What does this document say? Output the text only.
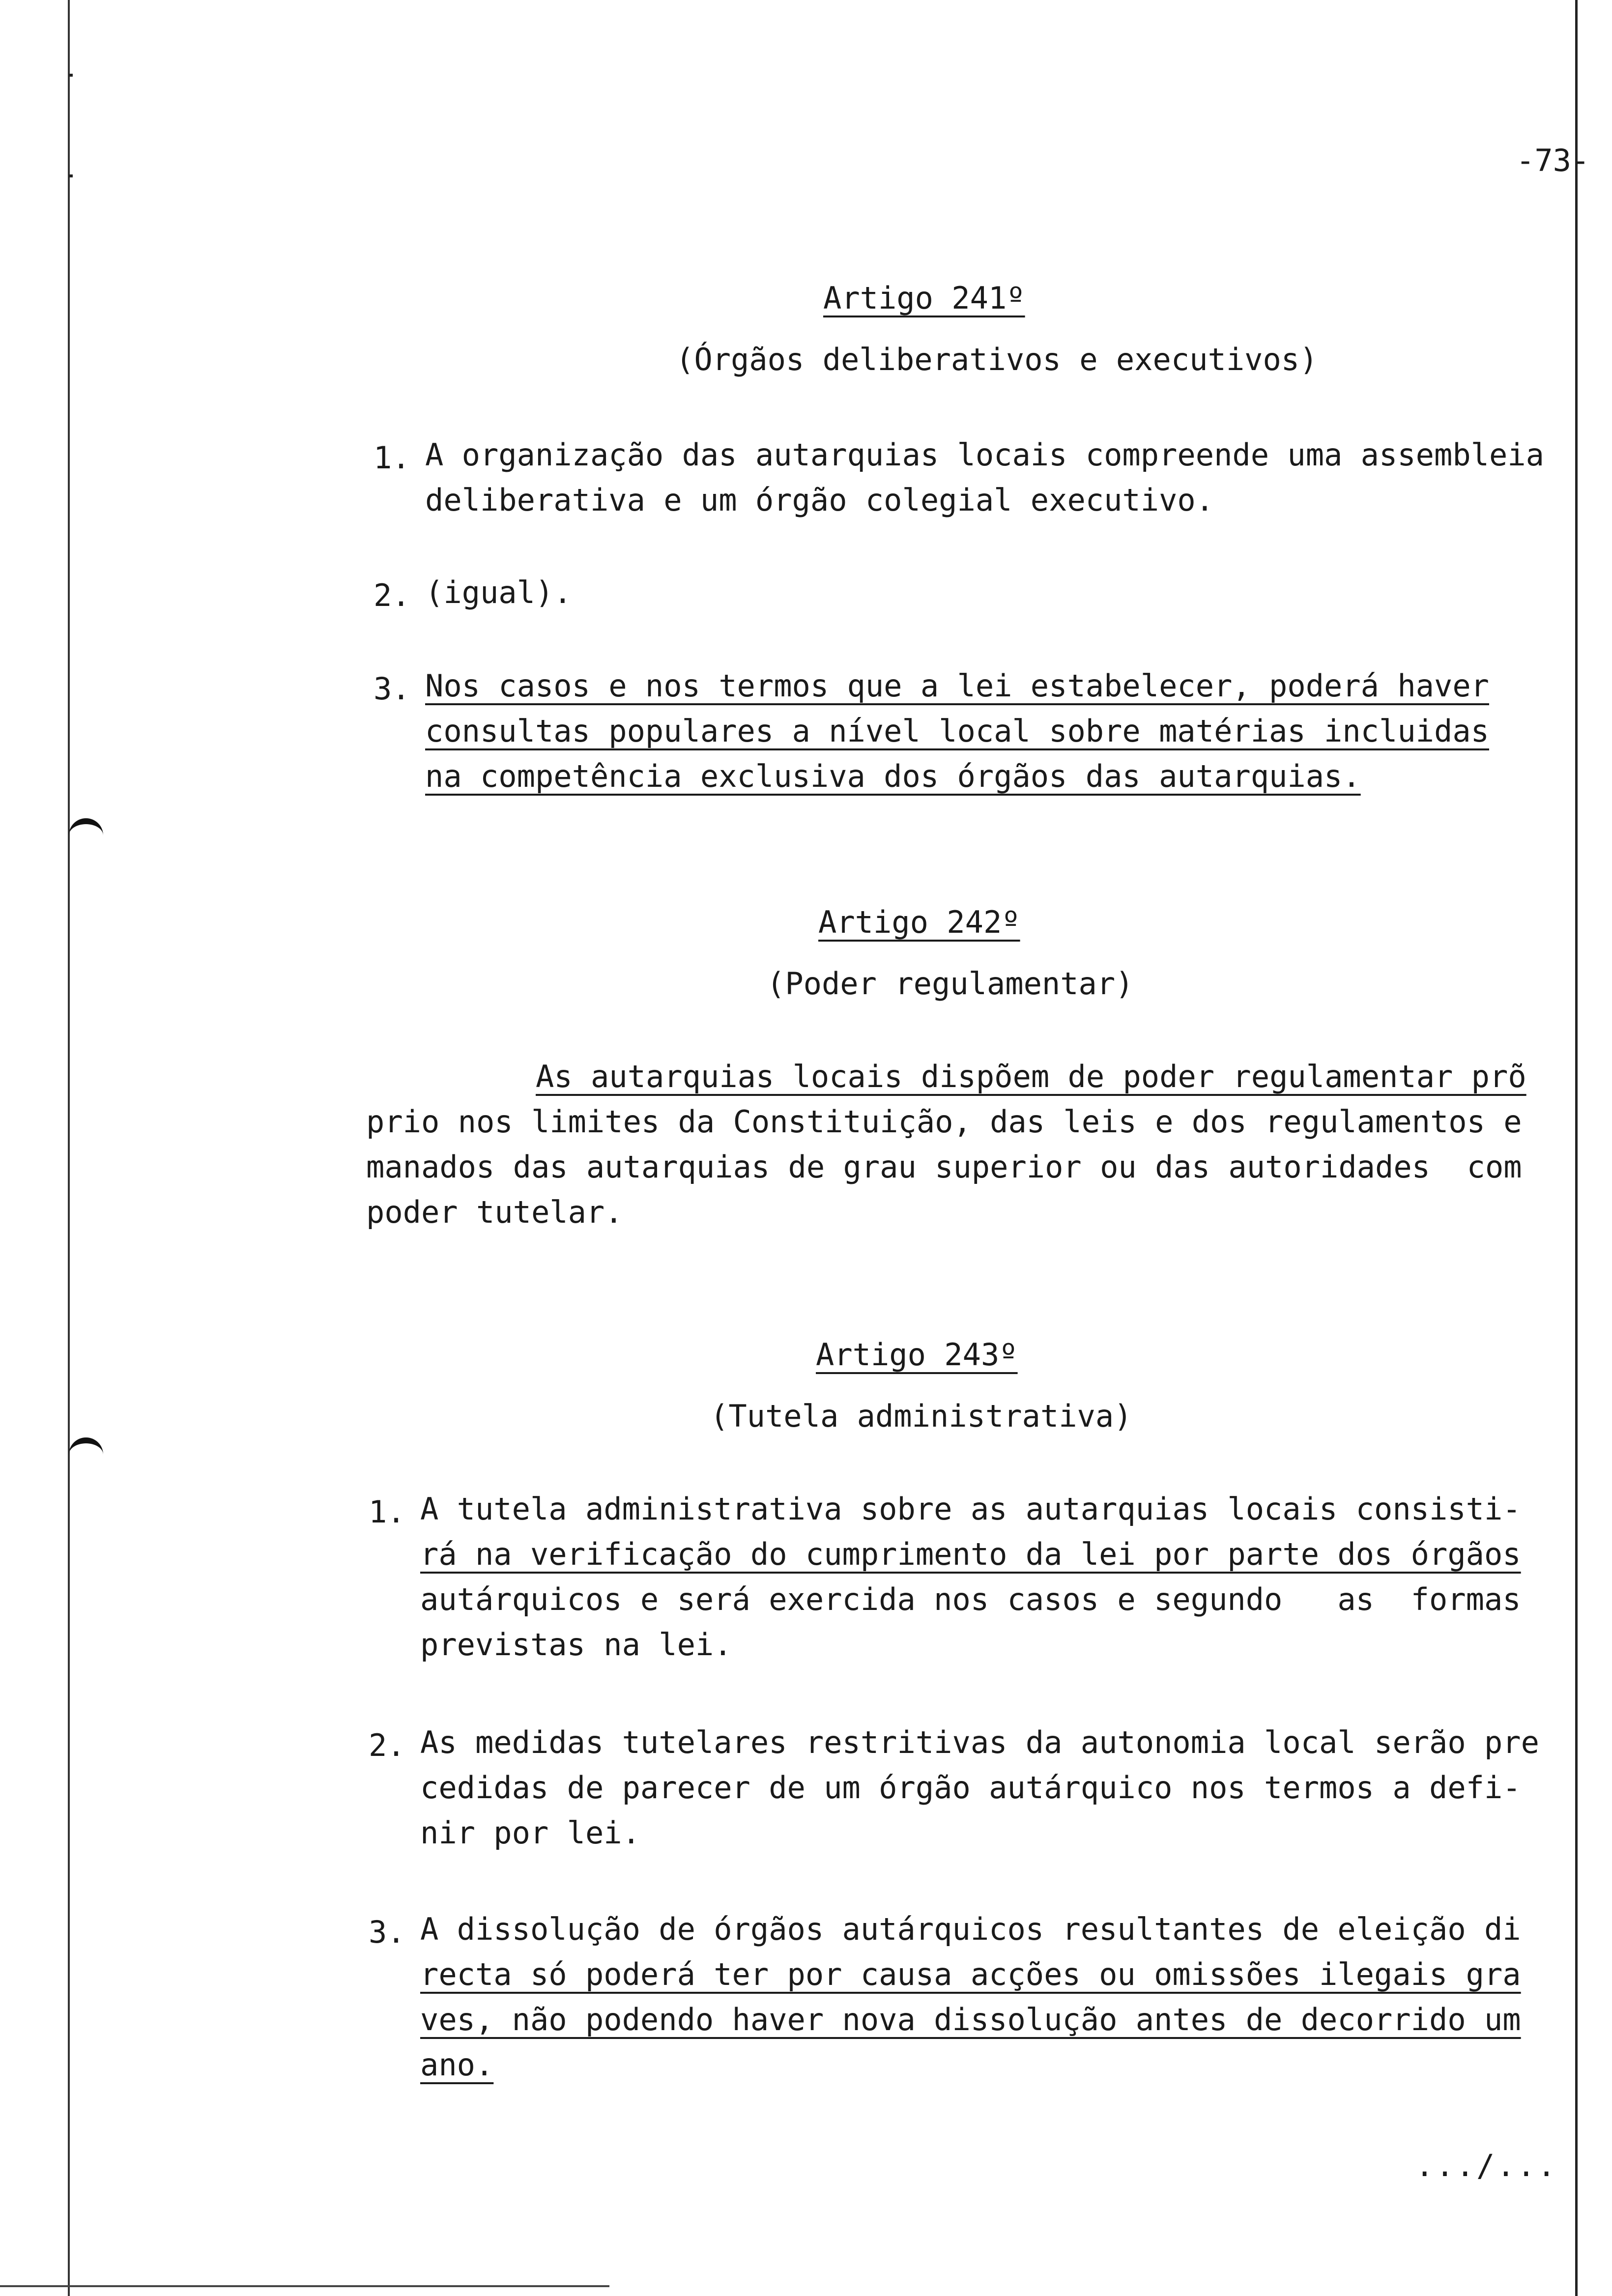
-73-
Artigo 241º
(Órgãos deliberativos e executivos)
1. A organização das autarquias locais compreende uma assembleia
deliberativa e um órgão colegial executivo.
2. (igual).
3. Nos casos e nos termos que a lei estabelecer, poderá haver
consultas populares a nível local sobre matérias incluidas
na competência exclusiva dos órgãos das autarquias.
Artigo 242º
(Poder regulamentar)
As autarquias locais dispõem de poder regulamentar prõ
prio nos limites da Constituição, das leis e dos regulamentos e
manados das autarquias de grau superior ou das autoridades  com
poder tutelar.
Artigo 243º
(Tutela administrativa)
1. A tutela administrativa sobre as autarquias locais consisti-
rá na verificação do cumprimento da lei por parte dos órgãos
autárquicos e será exercida nos casos e segundo   as  formas
previstas na lei.
2. As medidas tutelares restritivas da autonomia local serão pre
cedidas de parecer de um órgão autárquico nos termos a defi-
nir por lei.
3. A dissolução de órgãos autárquicos resultantes de eleição di
recta só poderá ter por causa acções ou omissões ilegais gra
ves, não podendo haver nova dissolução antes de decorrido um
ano.
.../...
